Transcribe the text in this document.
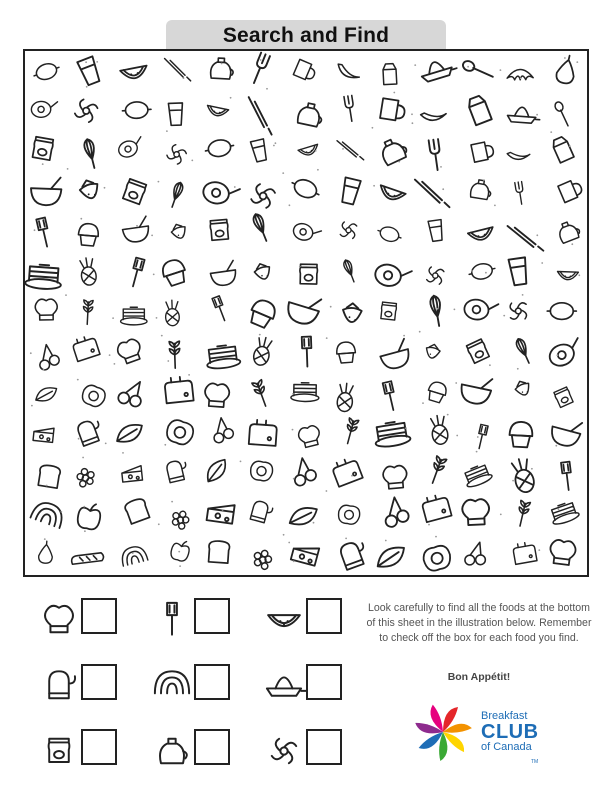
Search and Find
Look carefully to find all the foods at the bottom of this sheet in the illustration below. Remember to check off the box for each food you find.
Bon Appétit!
Breakfast
CLUB
of Canada
TM
